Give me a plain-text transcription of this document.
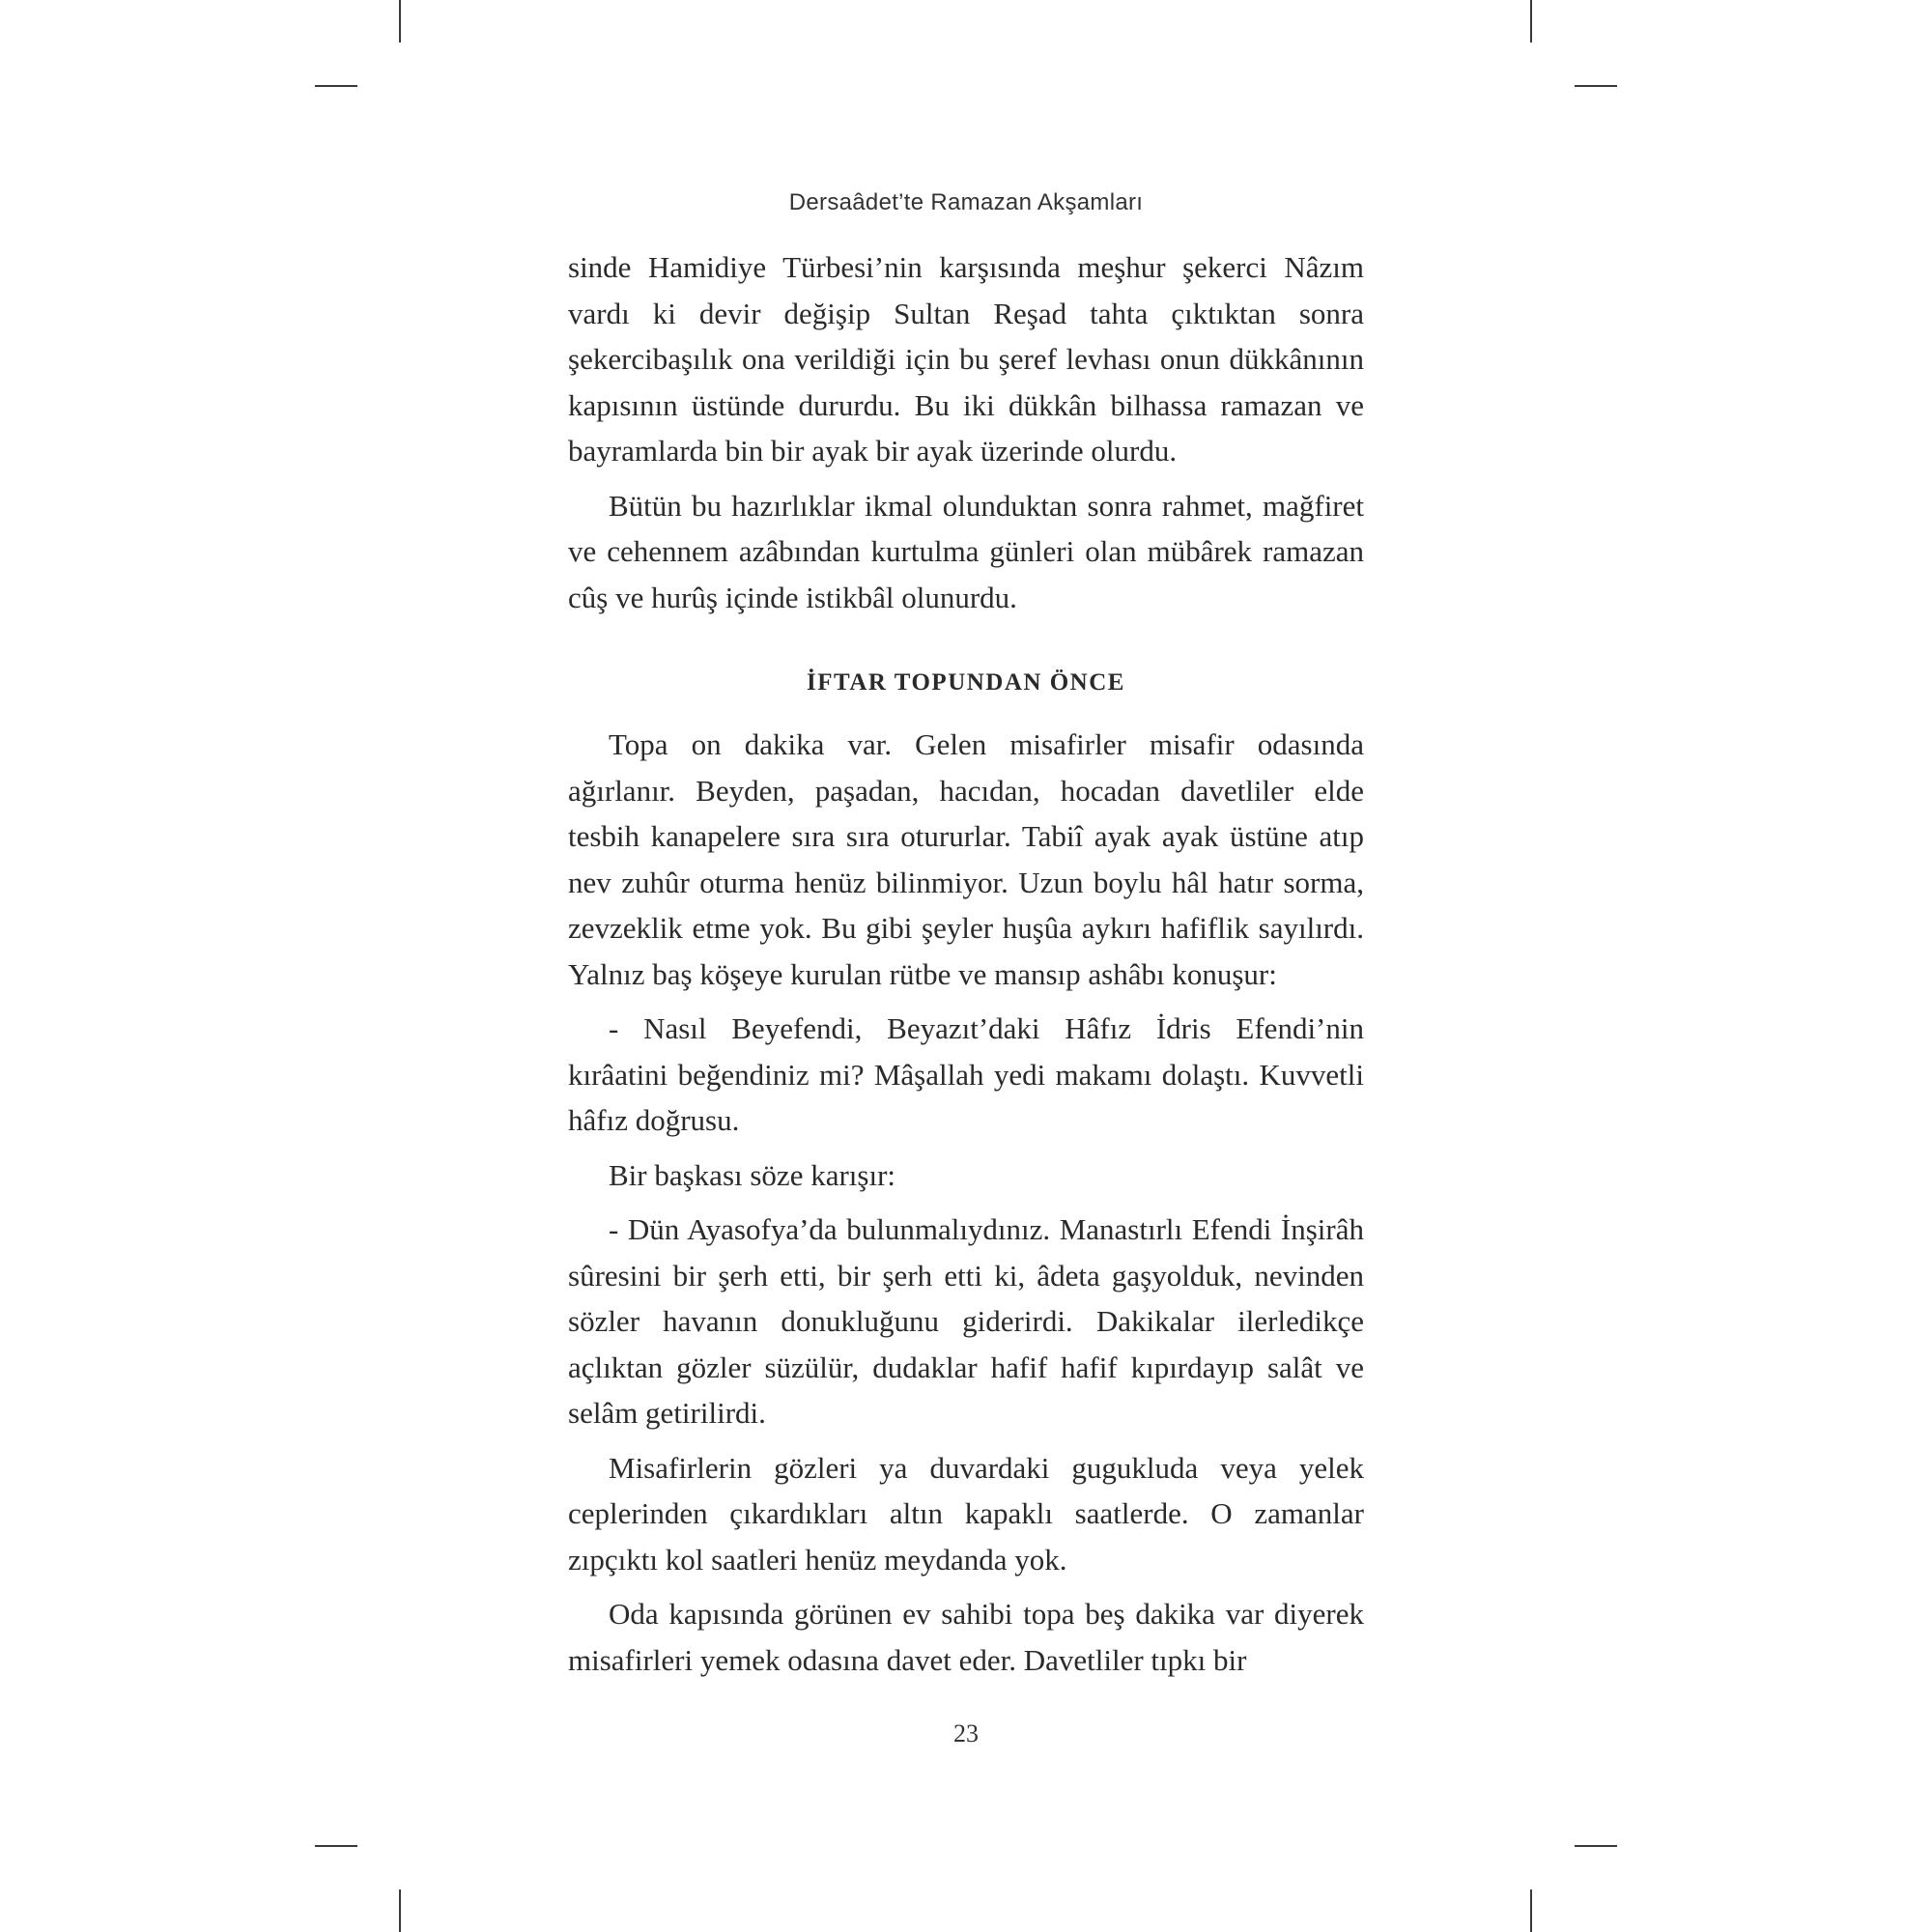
Dersaâdet’te Ramazan Akşamları

sinde Hamidiye Türbesi’nin karşısında meşhur şekerci Nâzım vardı ki devir değişip Sultan Reşad tahta çıktıktan sonra şekercibaşılık ona verildiği için bu şeref levhası onun dükkânının kapısının üstünde dururdu. Bu iki dükkân bilhassa ramazan ve bayramlarda bin bir ayak bir ayak üzerinde olurdu.

Bütün bu hazırlıklar ikmal olunduktan sonra rahmet, mağfiret ve cehennem azâbından kurtulma günleri olan mübârek ramazan cûş ve hurûş içinde istikbâl olunurdu.

İFTAR TOPUNDAN ÖNCE

Topa on dakika var. Gelen misafirler misafir odasında ağırlanır. Beyden, paşadan, hacıdan, hocadan davetliler elde tesbih kanapelere sıra sıra otururlar. Tabiî ayak ayak üstüne atıp nev zuhûr oturma henüz bilinmiyor. Uzun boylu hâl hatır sorma, zevzeklik etme yok. Bu gibi şeyler huşûa aykırı hafiflik sayılırdı. Yalnız baş köşeye kurulan rütbe ve mansıp ashâbı konuşur:

- Nasıl Beyefendi, Beyazıt’daki Hâfız İdris Efendi’nin kırâatini beğendiniz mi? Mâşallah yedi makamı dolaştı. Kuvvetli hâfız doğrusu.

Bir başkası söze karışır:

- Dün Ayasofya’da bulunmalıydınız. Manastırlı Efendi İnşirâh sûresini bir şerh etti, bir şerh etti ki, âdeta gaşyolduk, nevinden sözler havanın donukluğunu giderirdi. Dakikalar ilerledikçe açlıktan gözler süzülür, dudaklar hafif hafif kıpırdayıp salât ve selâm getirilirdi.

Misafirlerin gözleri ya duvardaki gugukluda veya yelek ceplerinden çıkardıkları altın kapaklı saatlerde. O zamanlar zıpçıktı kol saatleri henüz meydanda yok.

Oda kapısında görünen ev sahibi topa beş dakika var diyerek misafirleri yemek odasına davet eder. Davetliler tıpkı bir

23
